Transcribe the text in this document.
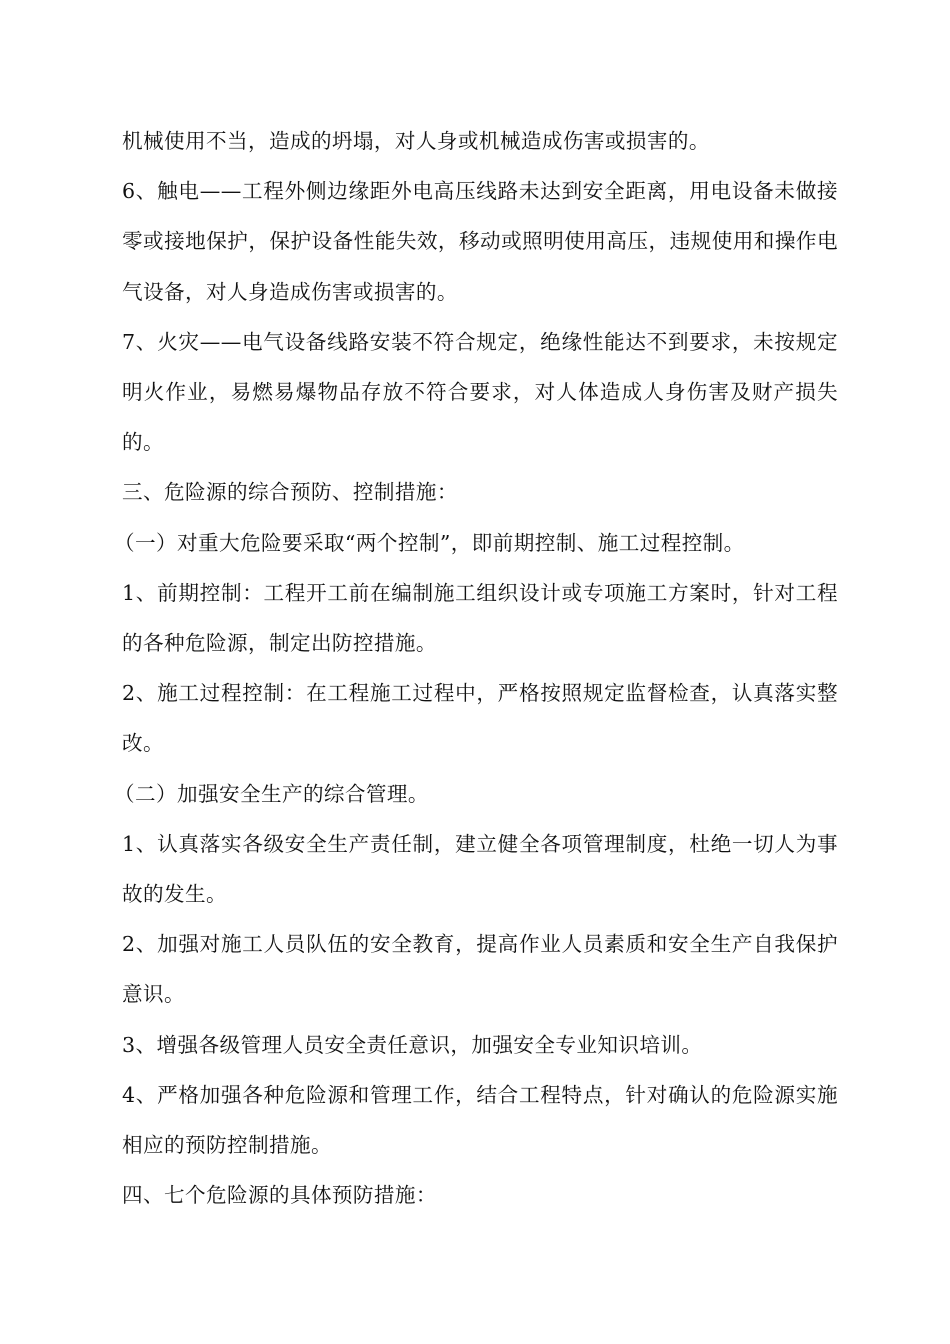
机械使用不当，造成的坍塌，对人身或机械造成伤害或损害的。

6、触电——工程外侧边缘距外电高压线路未达到安全距离，用电设备未做接零或接地保护，保护设备性能失效，移动或照明使用高压，违规使用和操作电气设备，对人身造成伤害或损害的。

7、火灾——电气设备线路安装不符合规定，绝缘性能达不到要求，未按规定明火作业，易燃易爆物品存放不符合要求，对人体造成人身伤害及财产损失的。

三、危险源的综合预防、控制措施：

（一）对重大危险要采取“两个控制”，即前期控制、施工过程控制。

1、前期控制：工程开工前在编制施工组织设计或专项施工方案时，针对工程的各种危险源，制定出防控措施。

2、施工过程控制：在工程施工过程中，严格按照规定监督检查，认真落实整改。

（二）加强安全生产的综合管理。

1、认真落实各级安全生产责任制，建立健全各项管理制度，杜绝一切人为事故的发生。

2、加强对施工人员队伍的安全教育，提高作业人员素质和安全生产自我保护意识。

3、增强各级管理人员安全责任意识，加强安全专业知识培训。

4、严格加强各种危险源和管理工作，结合工程特点，针对确认的危险源实施相应的预防控制措施。

四、七个危险源的具体预防措施：
